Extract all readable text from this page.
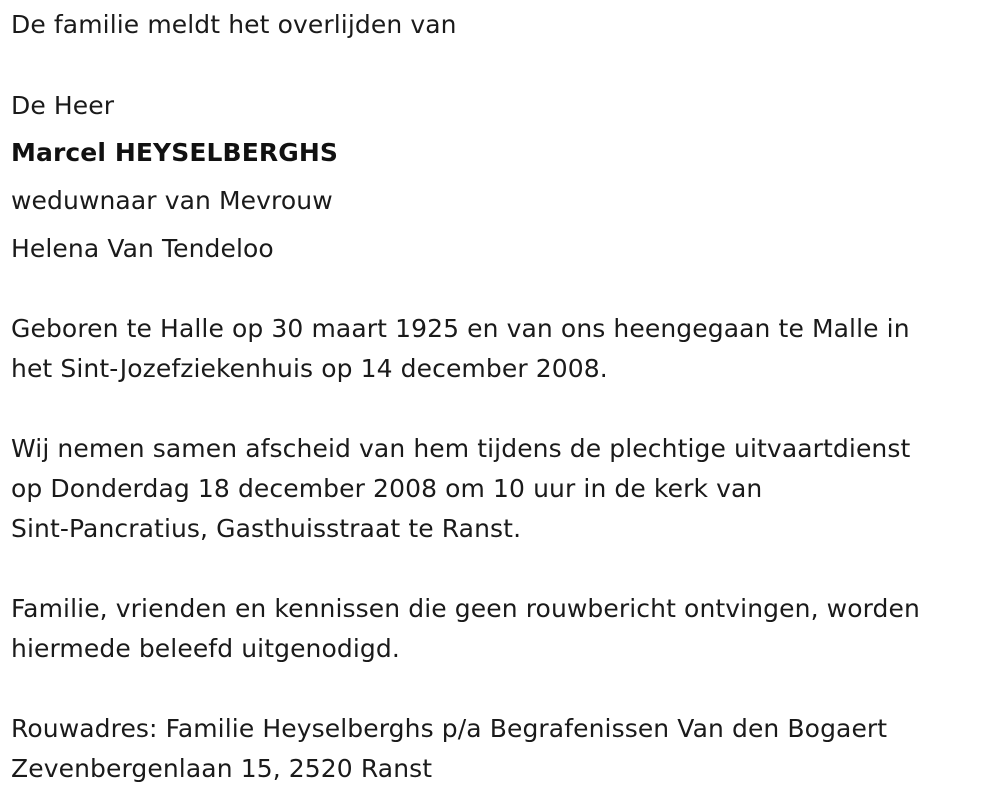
De familie meldt het overlijden van
De Heer
Marcel HEYSELBERGHS
weduwnaar van Mevrouw
Helena Van Tendeloo
Geboren te Halle op 30 maart 1925 en van ons heengegaan te Malle in
het Sint-Jozefziekenhuis op 14 december 2008.
Wij nemen samen afscheid van hem tijdens de plechtige uitvaartdienst
op Donderdag 18 december 2008 om 10 uur in de kerk van
Sint-Pancratius, Gasthuisstraat te Ranst.
Familie, vrienden en kennissen die geen rouwbericht ontvingen, worden
hiermede beleefd uitgenodigd.
Rouwadres: Familie Heyselberghs p/a Begrafenissen Van den Bogaert
Zevenbergenlaan 15, 2520 Ranst
